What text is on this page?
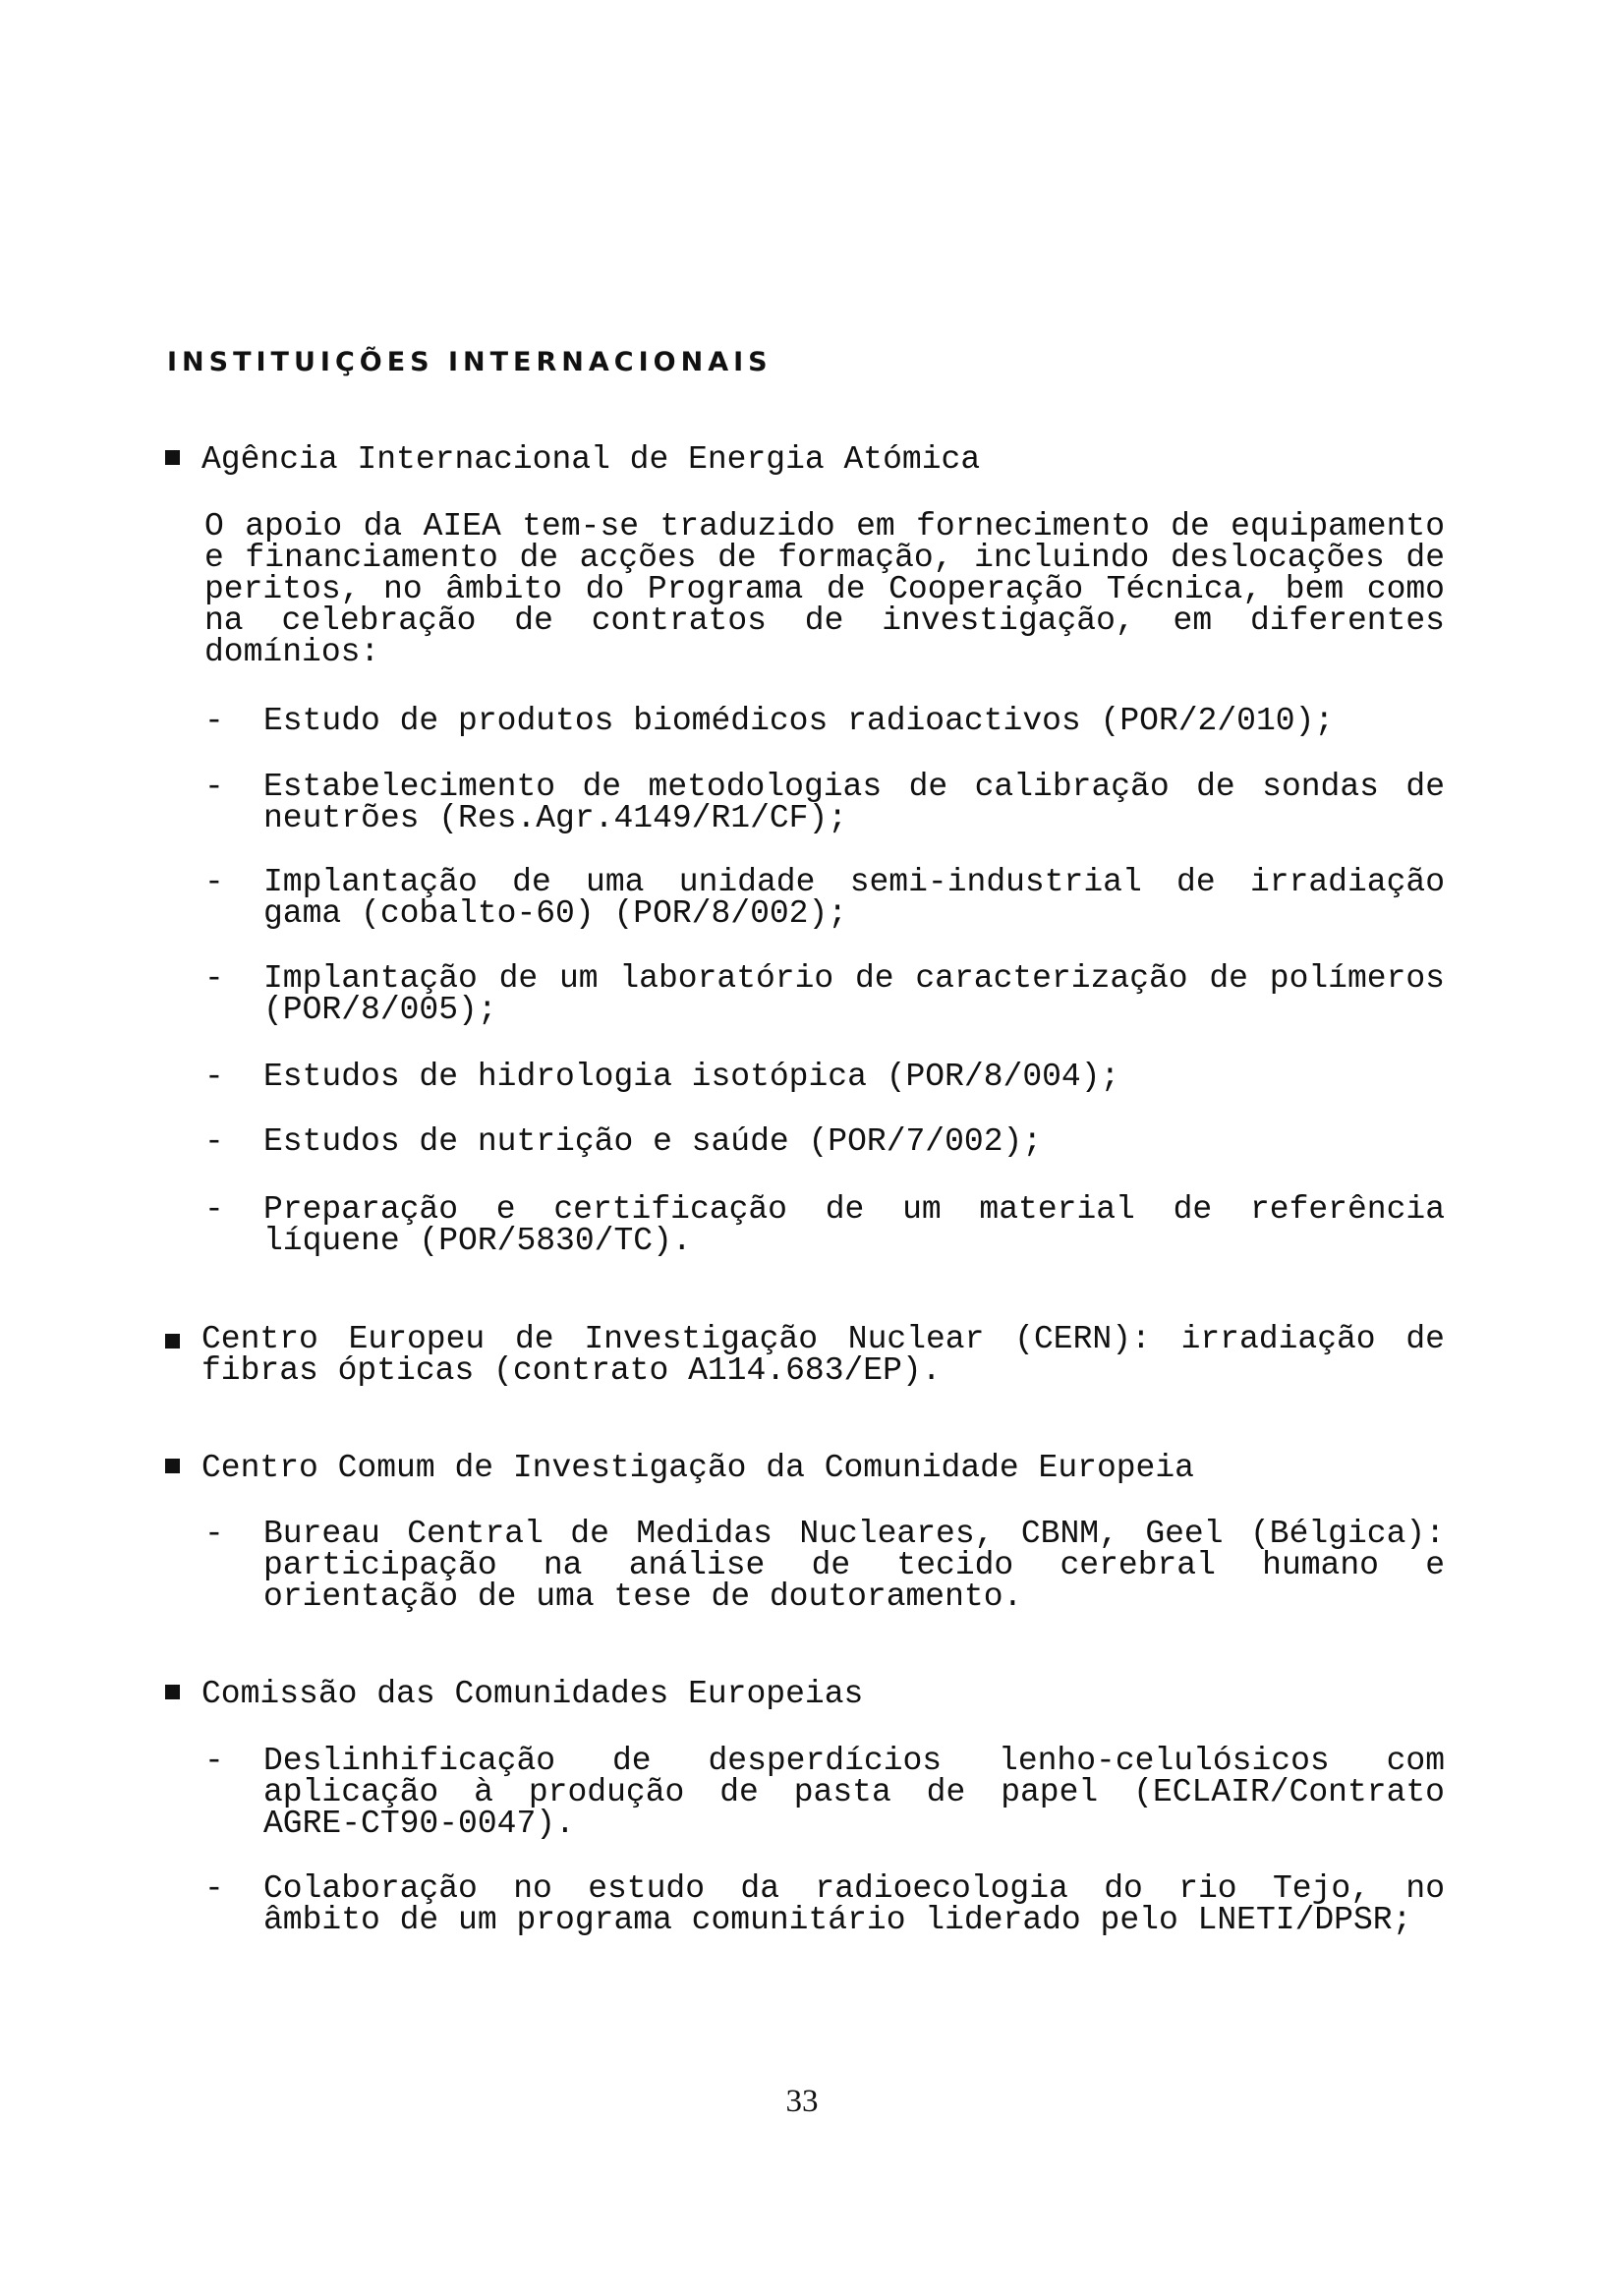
INSTITUIÇÕES INTERNACIONAIS
Agência Internacional de Energia Atómica

O apoio da AIEA tem-se traduzido em fornecimento de equipamento e financiamento de acções de formação, incluindo deslocações de peritos, no âmbito do Programa de Cooperação Técnica, bem como na celebração de contratos de investigação, em diferentes domínios:

-	Estudo de produtos biomédicos radioactivos (POR/2/010);

-	Estabelecimento de metodologias de calibração de sondas de neutrões (Res.Agr.4149/R1/CF);

-	Implantação de uma unidade semi-industrial de irradiação gama (cobalto-60) (POR/8/002);

-	Implantação de um laboratório de caracterização de polímeros (POR/8/005);

-	Estudos de hidrologia isotópica (POR/8/004);

-	Estudos de nutrição e saúde (POR/7/002);

-	Preparação e certificação de um material de referência líquene (POR/5830/TC).

Centro Europeu de Investigação Nuclear (CERN): irradiação de fibras ópticas (contrato A114.683/EP).

Centro Comum de Investigação da Comunidade Europeia
-	Bureau Central de Medidas Nucleares, CBNM, Geel (Bélgica): participação na análise de tecido cerebral humano e orientação de uma tese de doutoramento.

Comissão das Comunidades Europeias
-	Deslinhificação de desperdícios lenho-celulósicos com aplicação à produção de pasta de papel (ECLAIR/Contrato AGRE-CT90-0047).

-	Colaboração no estudo da radioecologia do rio Tejo, no âmbito de um programa comunitário liderado pelo LNETI/DPSR;

33
